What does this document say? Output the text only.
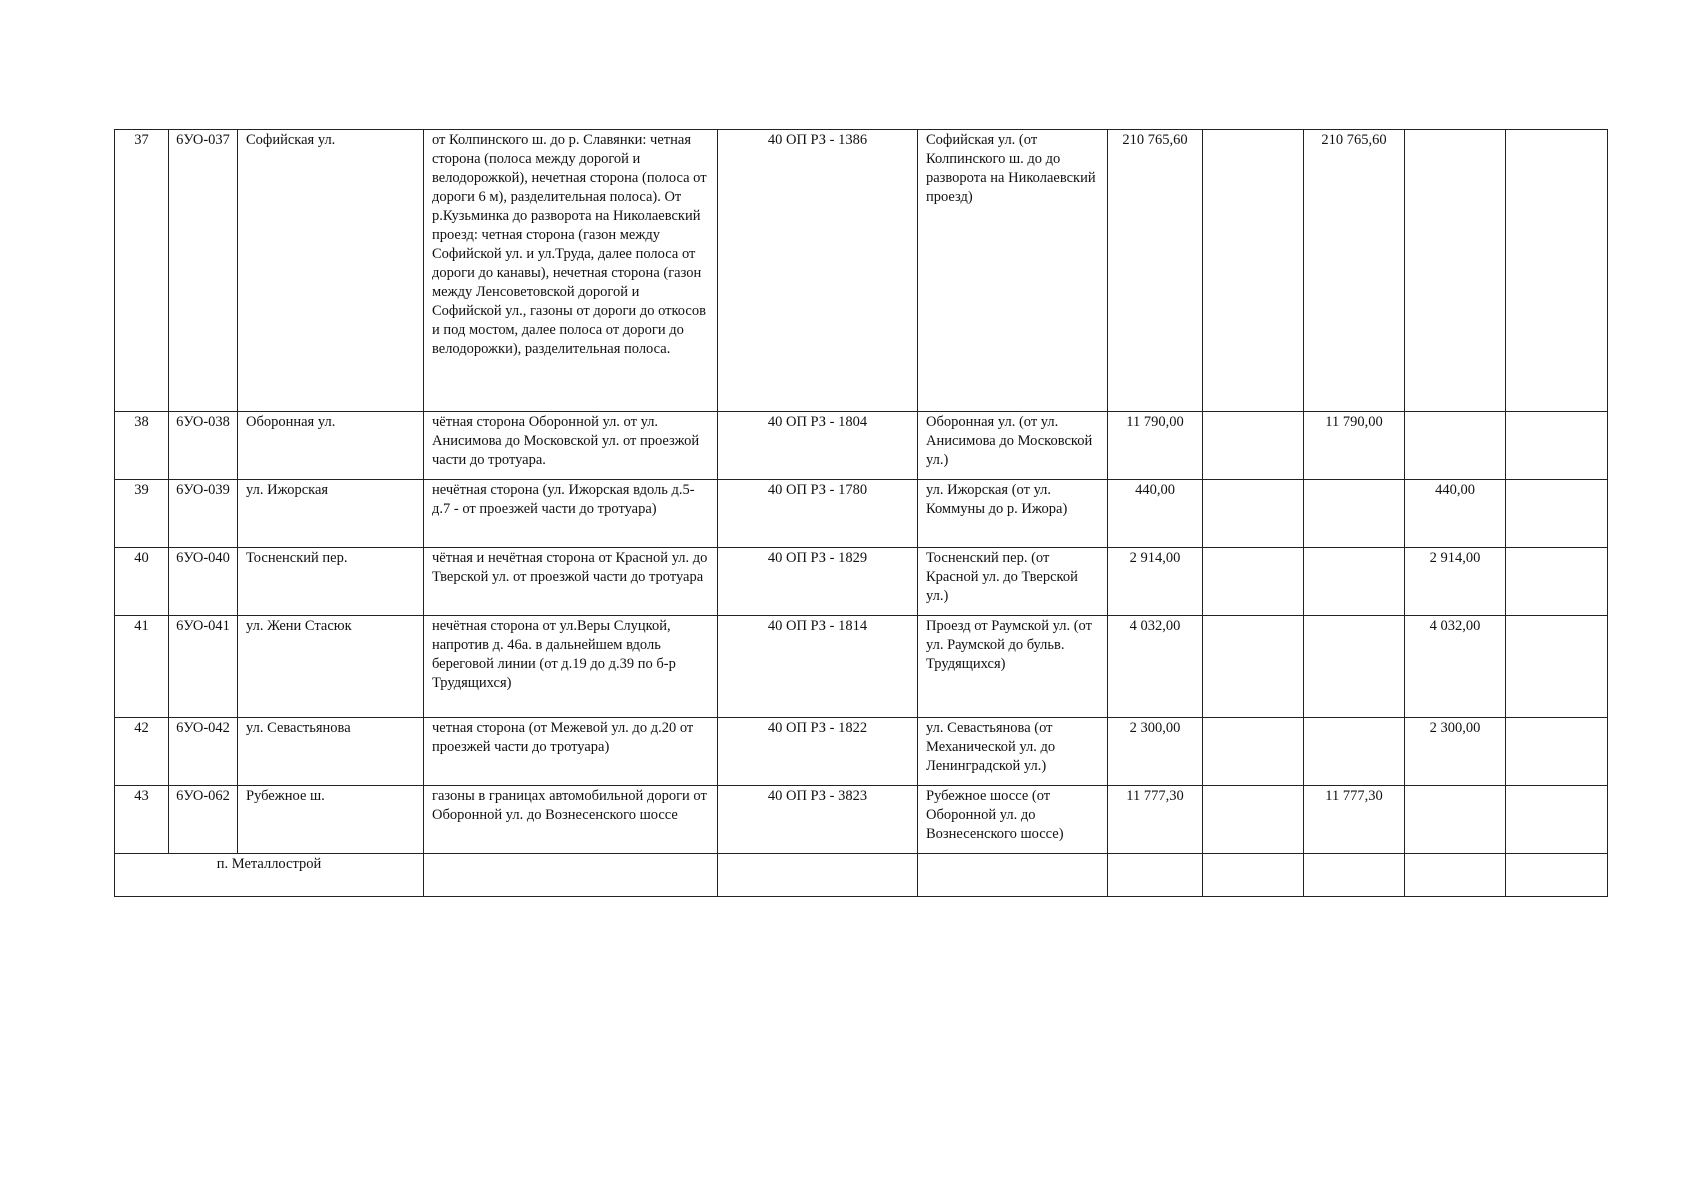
37	6УО-037	Софийская ул.	от Колпинского ш. до р. Славянки: четная сторона (полоса между дорогой и велодорожкой), нечетная сторона (полоса от дороги 6 м), разделительная полоса). От р.Кузьминка до разворота на Николаевский проезд: четная сторона (газон между Софийской ул. и ул.Труда, далее полоса от дороги до канавы), нечетная сторона (газон между Ленсоветовской дорогой и Софийской ул., газоны от дороги до откосов и под мостом, далее полоса от дороги до велодорожки), разделительная полоса.	40 ОП РЗ - 1386	Софийская ул. (от Колпинского ш. до до разворота на Николаевский проезд)	210 765,60		210 765,60		
38	6УО-038	Оборонная ул.	чётная сторона Оборонной ул. от ул. Анисимова до Московской ул. от проезжой части до тротуара.	40 ОП РЗ - 1804	Оборонная ул. (от ул. Анисимова до Московской ул.)	11 790,00		11 790,00		
39	6УО-039	ул. Ижорская	нечётная сторона (ул. Ижорская вдоль д.5-д.7 - от проезжей части до тротуара)	40 ОП РЗ - 1780	ул. Ижорская (от ул. Коммуны до р. Ижора)	440,00			440,00	
40	6УО-040	Тосненский пер.	чётная и нечётная сторона от Красной ул. до Тверской ул. от проезжой части до тротуара	40 ОП РЗ - 1829	Тосненский пер. (от Красной ул. до Тверской ул.)	2 914,00			2 914,00	
41	6УО-041	ул. Жени Стасюк	нечётная сторона от ул.Веры Слуцкой, напротив д. 46а. в дальнейшем вдоль береговой линии (от д.19 до д.39 по б-р Трудящихся)	40 ОП РЗ - 1814	Проезд от Раумской ул. (от ул. Раумской до бульв. Трудящихся)	4 032,00			4 032,00	
42	6УО-042	ул. Севастьянова	четная сторона (от Межевой ул. до д.20 от проезжей части до тротуара)	40 ОП РЗ - 1822	ул. Севастьянова (от Механической ул. до Ленинградской ул.)	2 300,00			2 300,00	
43	6УО-062	Рубежное ш.	газоны в границах автомобильной дороги от Оборонной ул. до Вознесенского шоссе	40 ОП РЗ - 3823	Рубежное шоссе (от Оборонной ул. до Вознесенского шоссе)	11 777,30		11 777,30		
п. Металлострой										
